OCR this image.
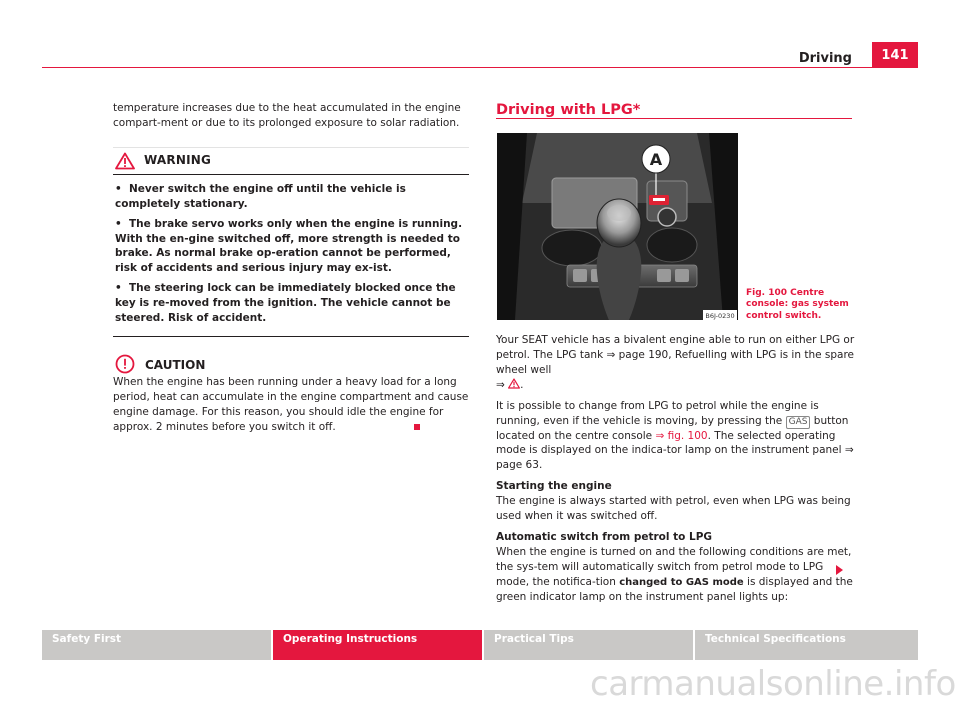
Driving	141

temperature increases due to the heat accumulated in the engine compart-ment or due to its prolonged exposure to solar radiation.

WARNING
• Never switch the engine off until the vehicle is completely stationary.
• The brake servo works only when the engine is running. With the en-gine switched off, more strength is needed to brake. As normal brake op-eration cannot be performed, risk of accidents and serious injury may ex-ist.
• The steering lock can be immediately blocked once the key is re-moved from the ignition. The vehicle cannot be steered. Risk of accident.
CAUTION

When the engine has been running under a heavy load for a long period, heat can accumulate in the engine compartment and cause engine damage. For this reason, you should idle the engine for approx. 2 minutes before you switch it off.

Driving with LPG*
A
B6J-0230
Fig. 100 Centre console: gas system control switch.

Your SEAT vehicle has a bivalent engine able to run on either LPG or petrol. The LPG tank ⇒ page 190, Refuelling with LPG is in the spare wheel well
⇒ .

It is possible to change from LPG to petrol while the engine is running, even if the vehicle is moving, by pressing the GAS button located on the centre console ⇒ fig. 100. The selected operating mode is displayed on the indica-tor lamp on the instrument panel ⇒ page 63.

Starting the engine

The engine is always started with petrol, even when LPG was being used when it was switched off.

Automatic switch from petrol to LPG

When the engine is turned on and the following conditions are met, the sys-tem will automatically switch from petrol mode to LPG mode, the notifica-tion changed to GAS mode is displayed and the green indicator lamp on the instrument panel lights up:

Safety First	Operating Instructions	Practical Tips	Technical Specifications
carmanualsonline.info
